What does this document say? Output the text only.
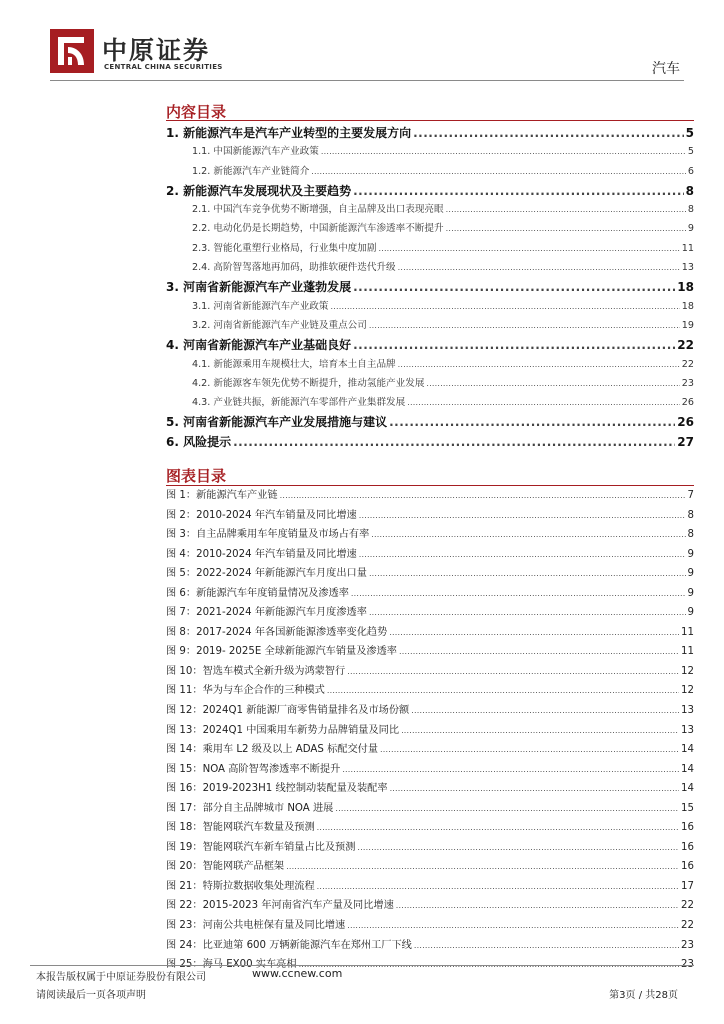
中原证券
CENTRAL CHINA SECURITIES	汽车
内容目录
1. 新能源汽车是汽车产业转型的主要发展方向 .....	5
1.1. 中国新能源汽车产业政策 .....	5
1.2. 新能源汽车产业链简介 .....	6
2. 新能源汽车发展现状及主要趋势 .....	8
2.1. 中国汽车竞争优势不断增强，自主品牌及出口表现亮眼 .....	8
2.2. 电动化仍是长期趋势，中国新能源汽车渗透率不断提升 .....	9
2.3. 智能化重塑行业格局，行业集中度加剧 .....	11
2.4. 高阶智驾落地再加码，助推软硬件迭代升级 .....	13
3. 河南省新能源汽车产业蓬勃发展 .....	18
3.1. 河南省新能源汽车产业政策 .....	18
3.2. 河南省新能源汽车产业链及重点公司 .....	19
4. 河南省新能源汽车产业基础良好 .....	22
4.1. 新能源乘用车规模壮大，培育本土自主品牌 .....	22
4.2. 新能源客车领先优势不断提升，推动氢能产业发展 .....	23
4.3. 产业链共振，新能源汽车零部件产业集群发展 .....	26
5. 河南省新能源汽车产业发展措施与建议 .....	26
6. 风险提示 .....	27
图表目录
图 1：新能源汽车产业链 .....	7
图 2：2010-2024 年汽车销量及同比增速 .....	8
图 3：自主品牌乘用车年度销量及市场占有率 .....	8
图 4：2010-2024 年汽车销量及同比增速 .....	9
图 5：2022-2024 年新能源汽车月度出口量 .....	9
图 6：新能源汽车年度销量情况及渗透率 .....	9
图 7：2021-2024 年新能源汽车月度渗透率 .....	9
图 8：2017-2024 年各国新能源渗透率变化趋势 .....	11
图 9：2019- 2025E 全球新能源汽车销量及渗透率 .....	11
图 10：智选车模式全新升级为鸿蒙智行 .....	12
图 11：华为与车企合作的三种模式 .....	12
图 12：2024Q1 新能源厂商零售销量排名及市场份额 .....	13
图 13：2024Q1 中国乘用车新势力品牌销量及同比 .....	13
图 14：乘用车 L2 级及以上 ADAS 标配交付量 .....	14
图 15：NOA 高阶智驾渗透率不断提升 .....	14
图 16：2019-2023H1 线控制动装配量及装配率 .....	14
图 17：部分自主品牌城市 NOA 进展 .....	15
图 18：智能网联汽车数量及预测 .....	16
图 19：智能网联汽车新车销量占比及预测 .....	16
图 20：智能网联产品框架 .....	16
图 21：特斯拉数据收集处理流程 .....	17
图 22：2015-2023 年河南省汽车产量及同比增速 .....	22
图 23：河南公共电桩保有量及同比增速 .....	22
图 24：比亚迪第 600 万辆新能源汽车在郑州工厂下线 .....	23
图 25：海马 EX00 实车亮相 .....	23
本报告版权属于中原证券股份有限公司	www.ccnew.com
请阅读最后一页各项声明	第3页 / 共28页
